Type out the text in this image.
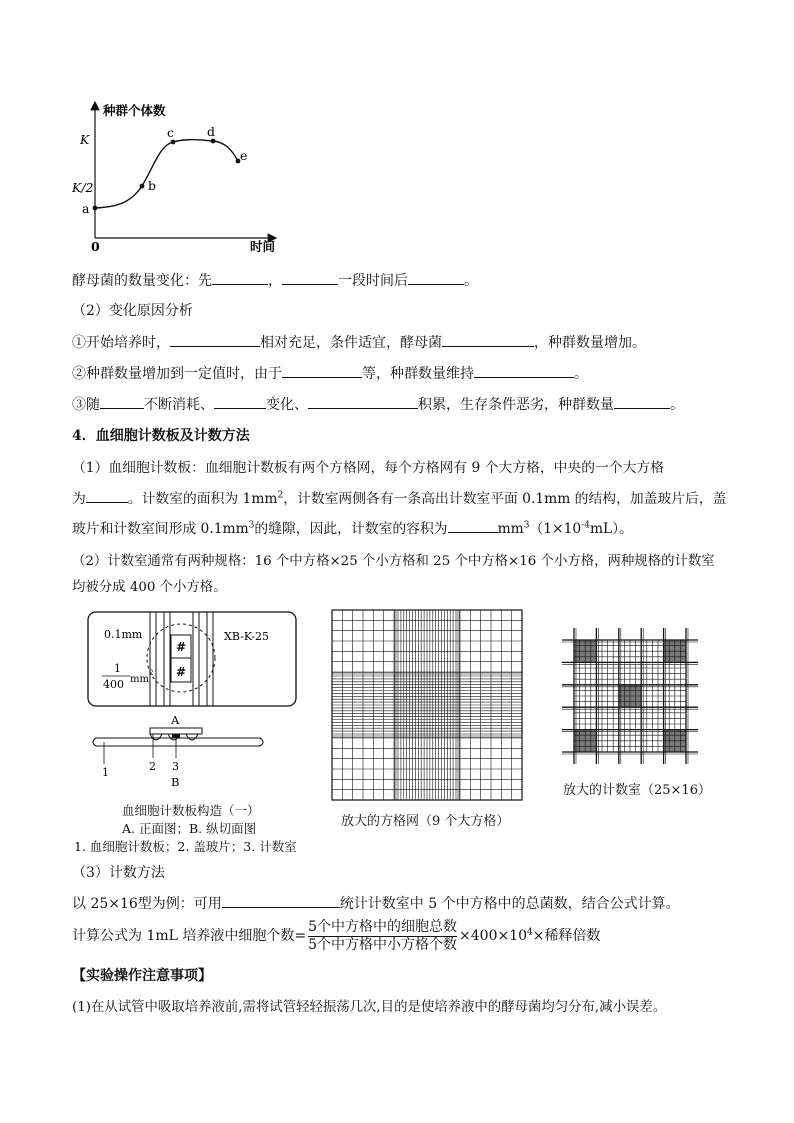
种群个体数
时间
0
K
K/2
a
b
c	d
e
酵母菌的数量变化：先	，	一段时间后	。
（2）变化原因分析
①开始培养时，	相对充足，条件适宜，酵母菌	，种群数量增加。
②种群数量增加到一定值时，由于	等，种群数量维持	。
③随	不断消耗、	变化、	积累，生存条件恶劣，种群数量	。
4．血细胞计数板及计数方法
（1）血细胞计数板：血细胞计数板有两个方格网，每个方格网有 9 个大方格，中央的一个大方格
为	。计数室的面积为 $1mm^2$，计数室两侧各有一条高出计数室平面 0.1mm 的结构，加盖玻片后，盖
玻片和计数室间形成 $0.1mm^3$的缝隙，因此，计数室的容积为	$mm^3(1\times 10^{-4}mL)$。
（2）计数室通常有两种规格：16 个中方格×25 个小方格和 25 个中方格×16 个小方格，两种规格的计数室
均被分成 400 个小方格。
#
#
0.1mm
1
400 mm
2
XB-K-25
A
1	2 3
B
血细胞计数板构造（一）
A. 正面图；B. 纵切面图
1. 血细胞计数板；2. 盖玻片；3. 计数室
放大的方格网（9 个大方格）
放大的计数室（25×16）
（3）计数方法
以 25×16型为例：可用	统计计数室中 5 个中方格中的总菌数，结合公式计算。
计算公式为 1mL 培养液中细胞个数= $\frac{\text{5个中方格中的细胞总数}}{\text{5个中方格中小方格个数}} \times 400\times 10^4\times$稀释倍数
【实验操作注意事项】
(1)在从试管中吸取培养液前,需将试管轻轻振荡几次,目的是使培养液中的酵母菌均匀分布,减小误差。
